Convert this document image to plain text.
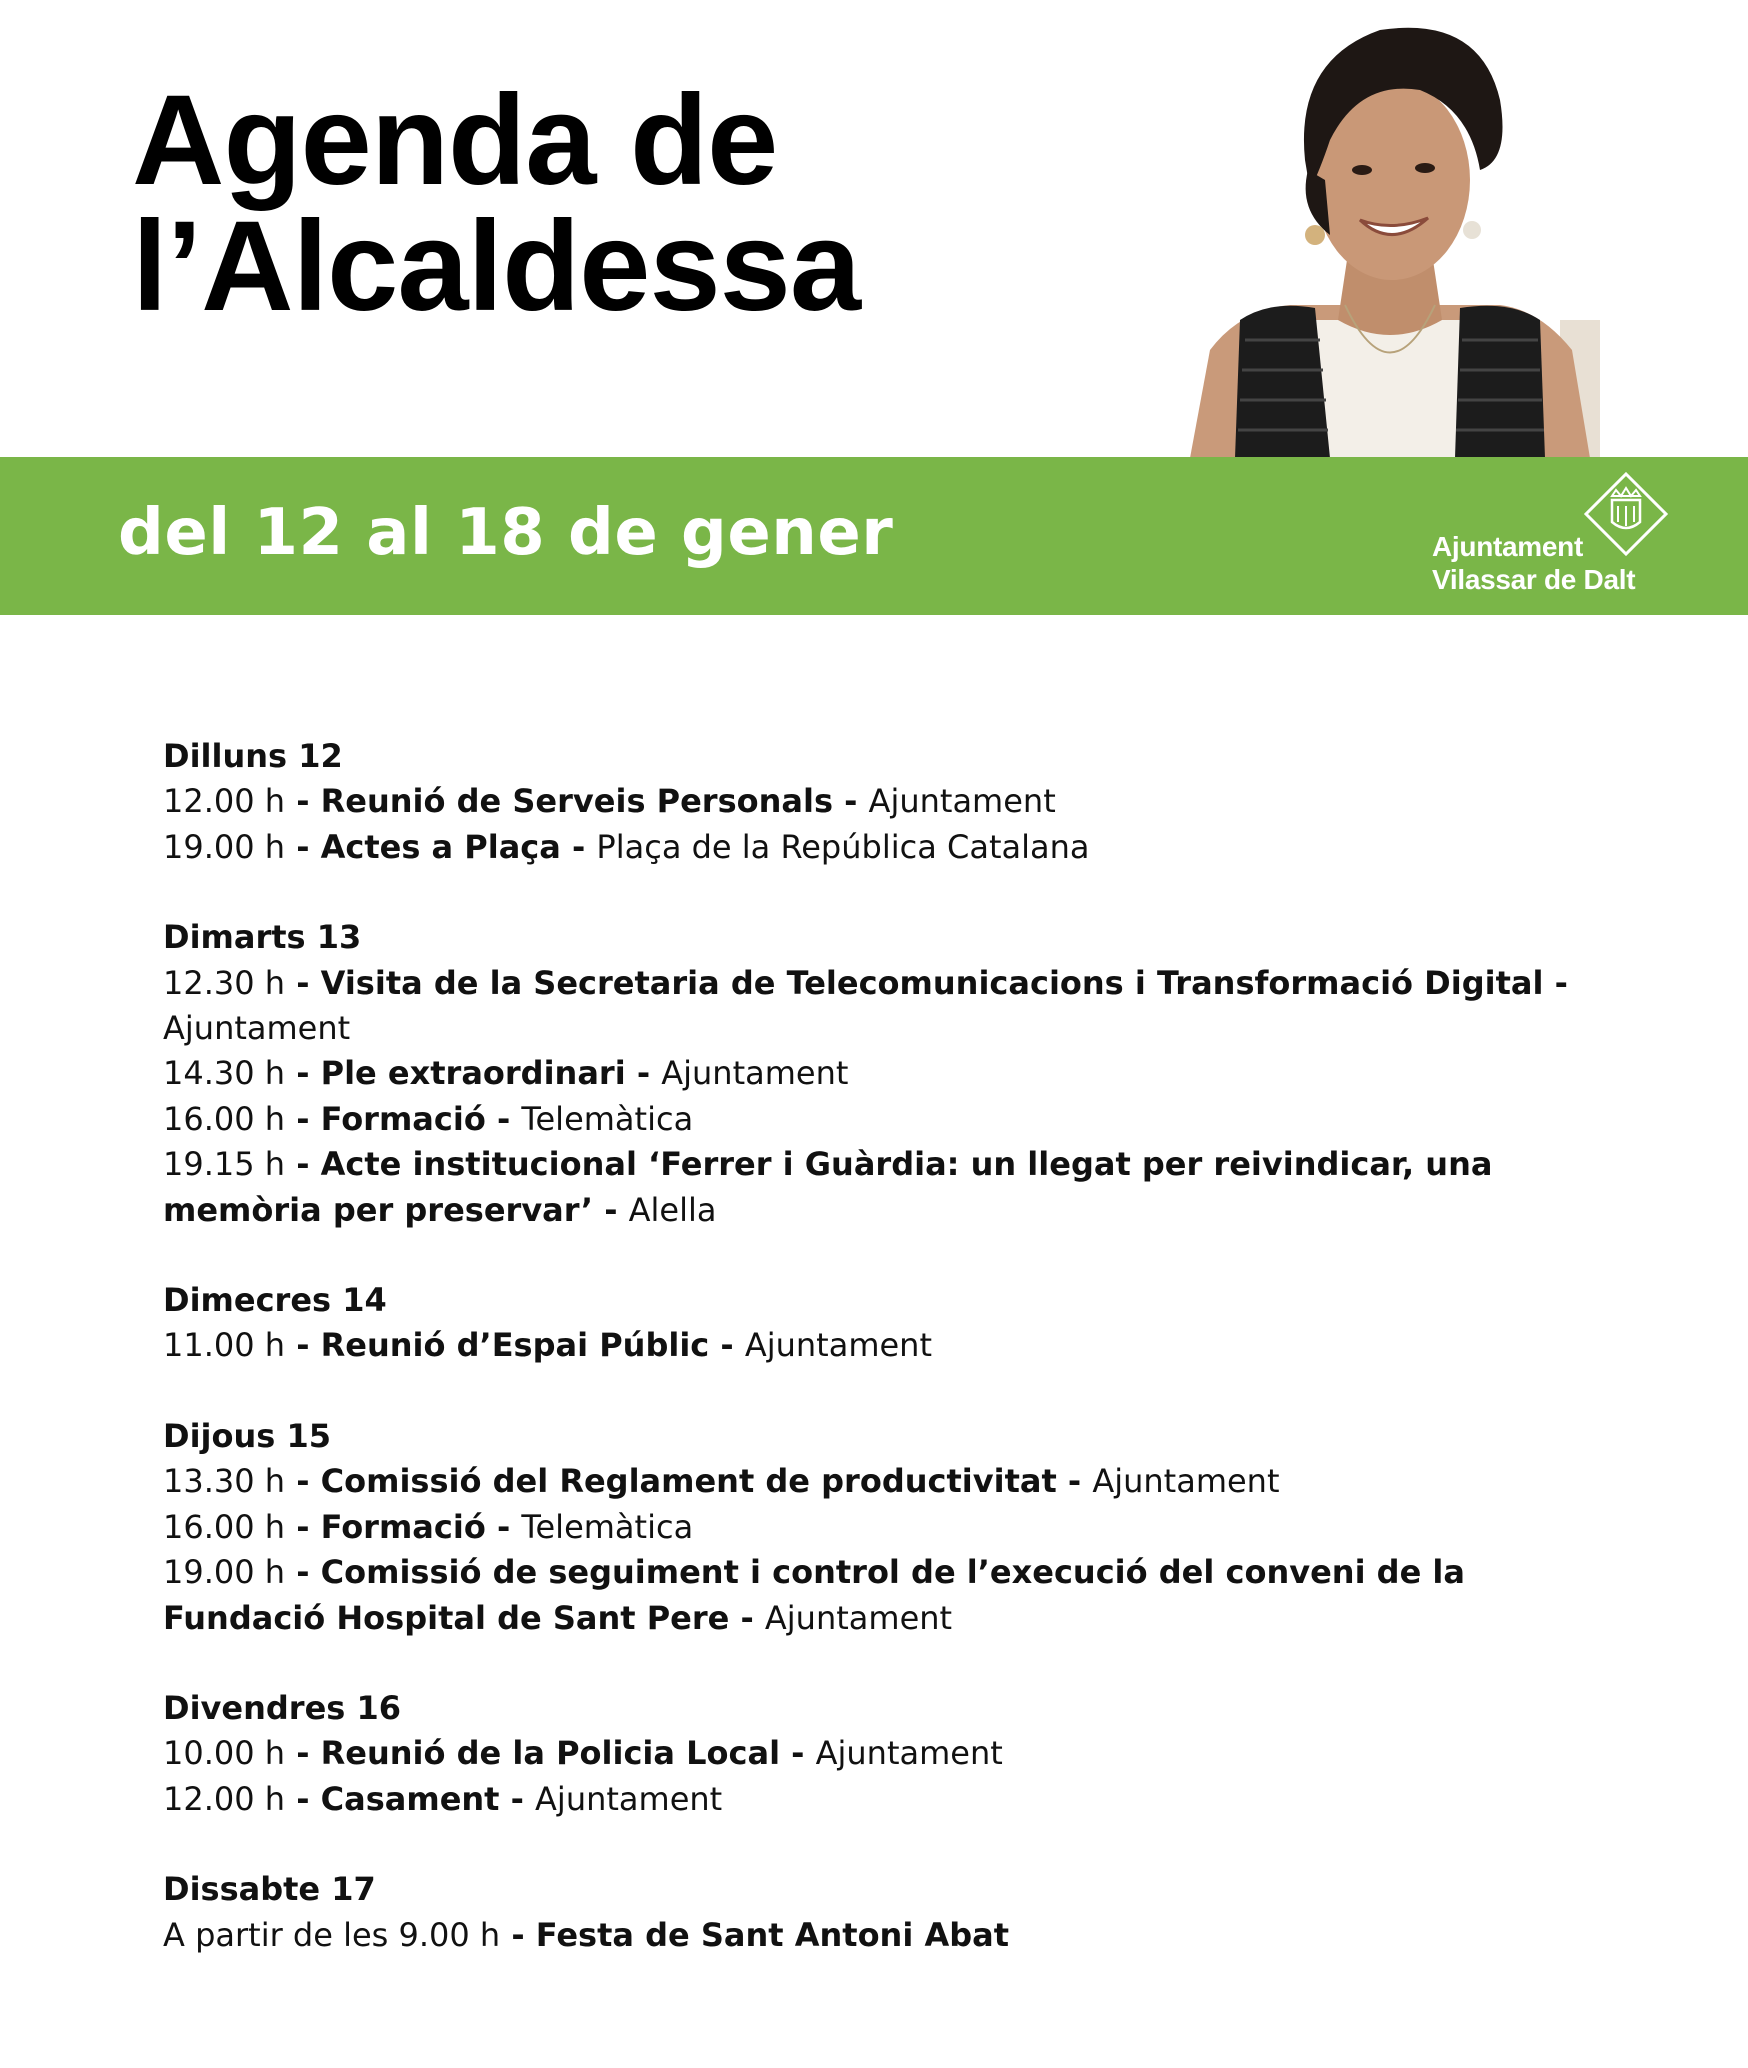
Agenda de
l’Alcaldessa
del 12 al 18 de gener	Ajuntament
Vilassar de Dalt
Dilluns 12
12.00 h - Reunió de Serveis Personals - Ajuntament
19.00 h - Actes a Plaça - Plaça de la República Catalana
Dimarts 13
12.30 h - Visita de la Secretaria de Telecomunicacions i Transformació Digital - Ajuntament
14.30 h - Ple extraordinari - Ajuntament
16.00 h - Formació - Telemàtica
19.15 h - Acte institucional ‘Ferrer i Guàrdia: un llegat per reivindicar, una memòria per preservar’ - Alella
Dimecres 14
11.00 h - Reunió d’Espai Públic - Ajuntament
Dijous 15
13.30 h - Comissió del Reglament de productivitat - Ajuntament
16.00 h - Formació - Telemàtica
19.00 h - Comissió de seguiment i control de l’execució del conveni de la Fundació Hospital de Sant Pere - Ajuntament
Divendres 16
10.00 h - Reunió de la Policia Local - Ajuntament
12.00 h - Casament - Ajuntament
Dissabte 17
A partir de les 9.00 h - Festa de Sant Antoni Abat
